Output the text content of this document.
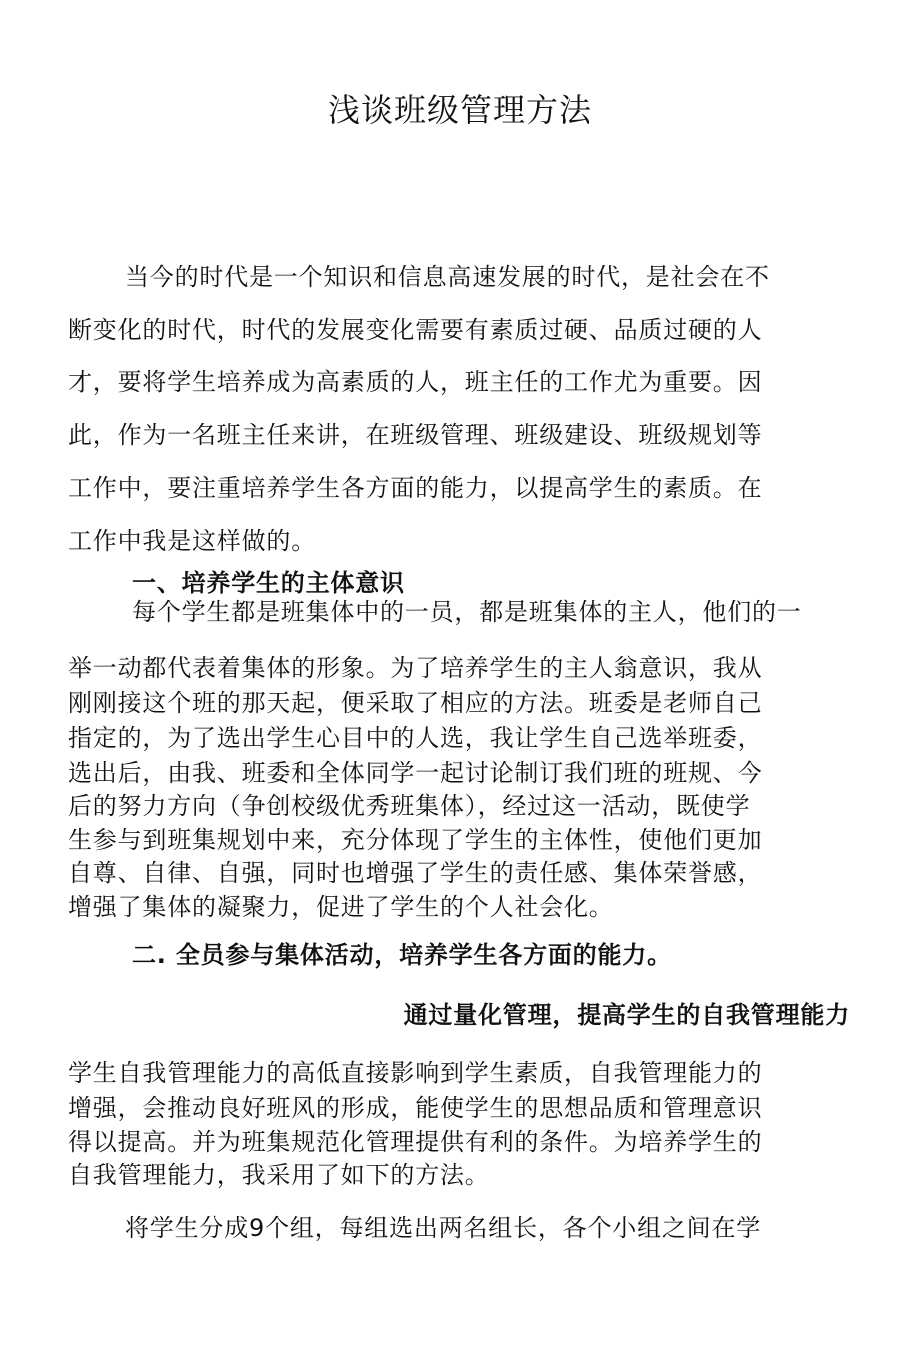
浅谈班级管理方法
当今的时代是一个知识和信息高速发展的时代，是社会在不
断变化的时代，时代的发展变化需要有素质过硬、品质过硬的人
才，要将学生培养成为高素质的人，班主任的工作尤为重要。因
此，作为一名班主任来讲，在班级管理、班级建设、班级规划等
工作中，要注重培养学生各方面的能力，以提高学生的素质。在
工作中我是这样做的。
一、培养学生的主体意识
每个学生都是班集体中的一员，都是班集体的主人，他们的一
举一动都代表着集体的形象。为了培养学生的主人翁意识，我从
刚刚接这个班的那天起，便采取了相应的方法。班委是老师自己
指定的，为了选出学生心目中的人选，我让学生自己选举班委，
选出后，由我、班委和全体同学一起讨论制订我们班的班规、今
后的努力方向（争创校级优秀班集体），经过这一活动，既使学
生参与到班集规划中来，充分体现了学生的主体性，使他们更加
自尊、自律、自强，同时也增强了学生的责任感、集体荣誉感，
增强了集体的凝聚力，促进了学生的个人社会化。
二. 全员参与集体活动，培养学生各方面的能力。
通过量化管理，提高学生的自我管理能力
学生自我管理能力的高低直接影响到学生素质，自我管理能力的
增强，会推动良好班风的形成，能使学生的思想品质和管理意识
得以提高。并为班集规范化管理提供有利的条件。为培养学生的
自我管理能力，我采用了如下的方法。
将学生分成9个组，每组选出两名组长，各个小组之间在学
